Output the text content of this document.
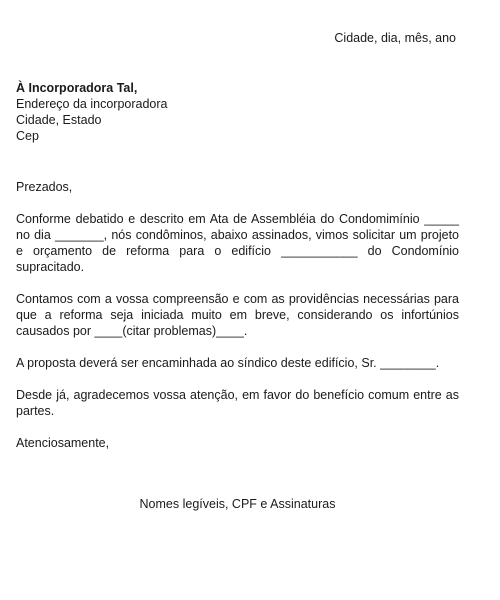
Cidade, dia, mês, ano
À Incorporadora Tal,
Endereço da incorporadora
Cidade, Estado
Cep

Prezados,

Conforme debatido e descrito em Ata de Assembléia do Condomimínio _____ no dia _______, nós condôminos, abaixo assinados, vimos solicitar um projeto e orçamento de reforma para o edifício ___________ do Condomínio supracitado.

Contamos com a vossa compreensão e com as providências necessárias para que a reforma seja iniciada muito em breve, considerando os infortúnios causados por ____(citar problemas)____.

A proposta deverá ser encaminhada ao síndico deste edifício, Sr. ________.

Desde já, agradecemos vossa atenção, em favor do benefício comum entre as partes.

Atenciosamente,

Nomes legíveis, CPF e Assinaturas
